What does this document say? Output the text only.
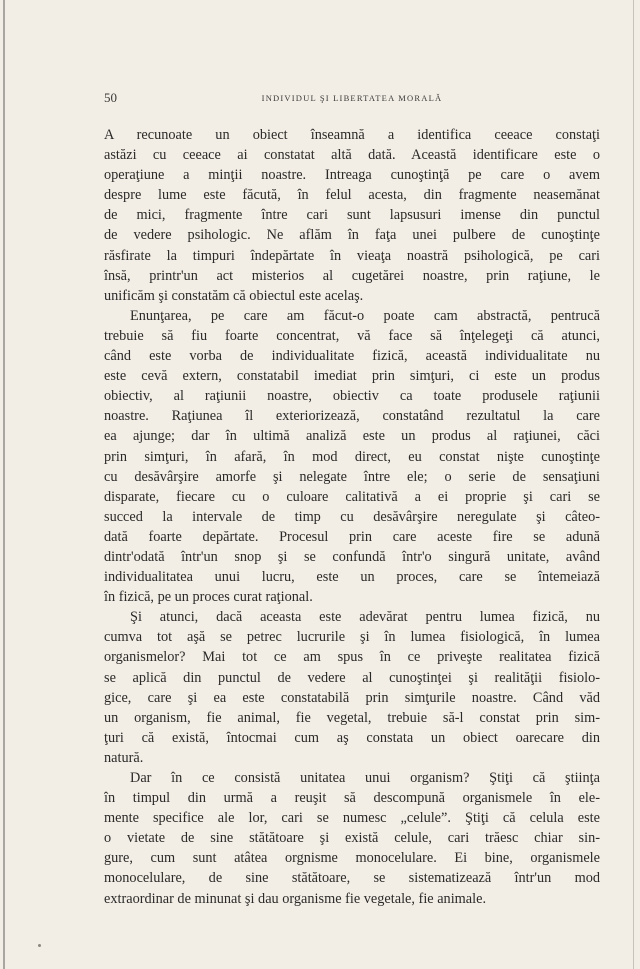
50	INDIVIDUL ŞI LIBERTATEA MORALĂ
A recunoate un obiect înseamnă a identifica ceeace constaţi
astăzi cu ceeace ai constatat altă dată. Această identificare este o
operaţiune a minţii noastre. Intreaga cunoştinţă pe care o avem
despre lume este făcută, în felul acesta, din fragmente neasemănat
de mici, fragmente între cari sunt lapsusuri imense din punctul
de vedere psihologic. Ne aflăm în faţa unei pulbere de cunoştinţe
răsfirate la timpuri îndepărtate în vieaţa noastră psihologică, pe cari
însă, printr'un act misterios al cugetărei noastre, prin raţiune, le
unificăm şi constatăm că obiectul este acelaş.
Enunţarea, pe care am făcut-o poate cam abstractă, pentrucă
trebuie să fiu foarte concentrat, vă face să înţelegeţi că atunci,
când este vorba de individualitate fizică, această individualitate nu
este cevă extern, constatabil imediat prin simţuri, ci este un produs
obiectiv, al raţiunii noastre, obiectiv ca toate produsele raţiunii
noastre. Raţiunea îl exteriorizează, constatând rezultatul la care
ea ajunge; dar în ultimă analiză este un produs al raţiunei, căci
prin simţuri, în afară, în mod direct, eu constat nişte cunoştinţe
cu desăvârşire amorfe şi nelegate între ele; o serie de sensaţiuni
disparate, fiecare cu o culoare calitativă a ei proprie şi cari se
succed la intervale de timp cu desăvârşire neregulate şi câteo-
dată foarte depărtate. Procesul prin care aceste fire se adună
dintr'odată într'un snop şi se confundă într'o singură unitate, având
individualitatea unui lucru, este un proces, care se întemeiază
în fizică, pe un proces curat raţional.
Şi atunci, dacă aceasta este adevărat pentru lumea fizică, nu
cumva tot aşă se petrec lucrurile şi în lumea fisiologică, în lumea
organismelor? Mai tot ce am spus în ce priveşte realitatea fizică
se aplică din punctul de vedere al cunoştinţei şi realităţii fisiolo-
gice, care şi ea este constatabilă prin simţurile noastre. Când văd
un organism, fie animal, fie vegetal, trebuie să-l constat prin sim-
ţuri că există, întocmai cum aş constata un obiect oarecare din
natură.
Dar în ce consistă unitatea unui organism? Ştiţi că ştiinţa
în timpul din urmă a reuşit să descompună organismele în ele-
mente specifice ale lor, cari se numesc „celule”. Ştiţi că celula este
o vietate de sine stătătoare şi există celule, cari trăesc chiar sin-
gure, cum sunt atâtea orgnisme monocelulare. Ei bine, organismele
monocelulare, de sine stătătoare, se sistematizează într'un mod
extraordinar de minunat şi dau organisme fie vegetale, fie animale.
